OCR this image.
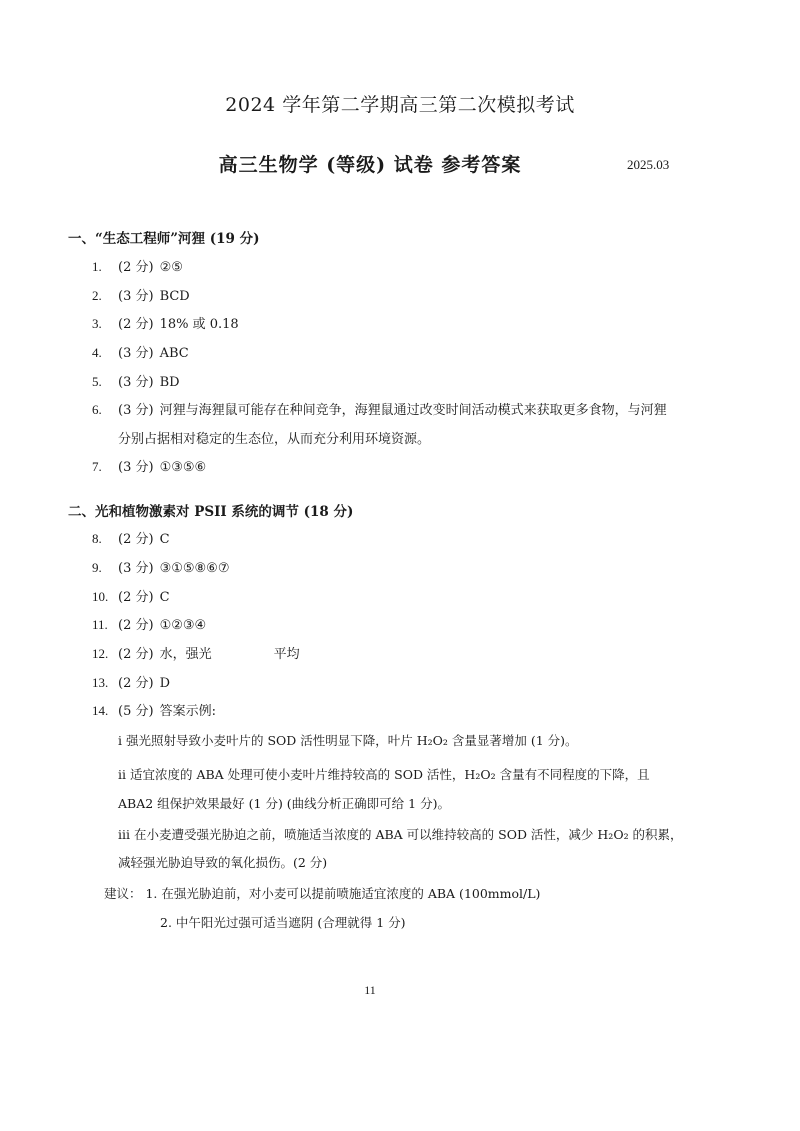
2024 学年第二学期高三第二次模拟考试
高三生物学 (等级) 试卷 参考答案	2025.03
一、“生态工程师”河狸 (19 分)
1. (2 分) ②⑤
2. (3 分) BCD
3. (2 分) 18% 或 0.18
4. (3 分) ABC
5. (3 分) BD
6. (3 分) 河狸与海狸鼠可能存在种间竞争，海狸鼠通过改变时间活动模式来获取更多食物，与河狸
分别占据相对稳定的生态位，从而充分利用环境资源。
7. (3 分) ①③⑤⑥
二、光和植物激素对 PSII 系统的调节 (18 分)
8. (2 分) C
9. (3 分) ③①⑤⑧⑥⑦
10. (2 分) C
11. (2 分) ①②③④
12. (2 分) 水，强光	平均
13. (2 分) D
14. (5 分) 答案示例:
i 强光照射导致小麦叶片的 SOD 活性明显下降，叶片 H₂O₂ 含量显著增加 (1 分)。
ii 适宜浓度的 ABA 处理可使小麦叶片维持较高的 SOD 活性，H₂O₂ 含量有不同程度的下降，且
ABA2 组保护效果最好 (1 分) (曲线分析正确即可给 1 分)。
iii 在小麦遭受强光胁迫之前，喷施适当浓度的 ABA 可以维持较高的 SOD 活性，减少 H₂O₂ 的积累，
减轻强光胁迫导致的氧化损伤。(2 分)
建议： 1. 在强光胁迫前，对小麦可以提前喷施适宜浓度的 ABA (100mmol/L)
2. 中午阳光过强可适当遮阴 (合理就得 1 分)
11
